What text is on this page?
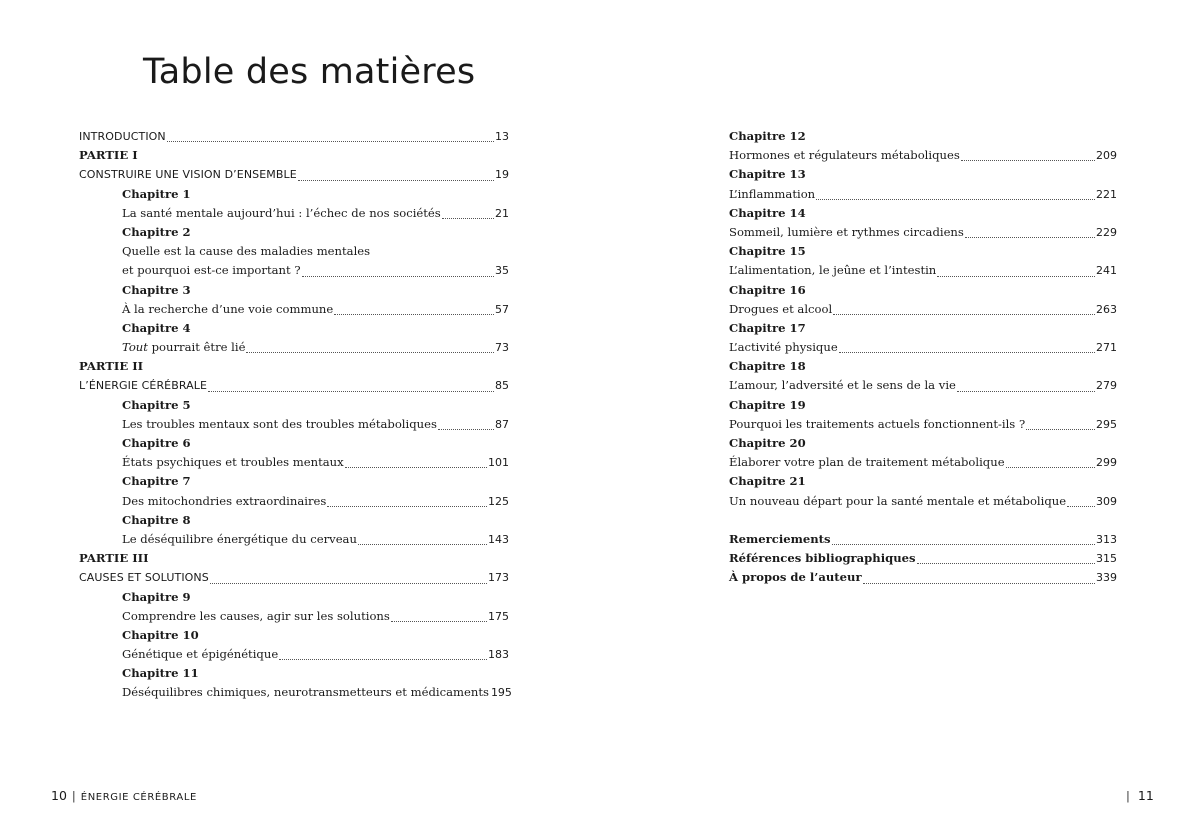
Table des matières
INTRODUCTION	13
PARTIE I
CONSTRUIRE UNE VISION D’ENSEMBLE	19
Chapitre 1
La santé mentale aujourd’hui : l’échec de nos sociétés	21
Chapitre 2
Quelle est la cause des maladies mentales
et pourquoi est-ce important ?	35
Chapitre 3
À la recherche d’une voie commune	57
Chapitre 4
Tout pourrait être lié	73
PARTIE II
L’ÉNERGIE CÉRÉBRALE	85
Chapitre 5
Les troubles mentaux sont des troubles métaboliques	87
Chapitre 6
États psychiques et troubles mentaux	101
Chapitre 7
Des mitochondries extraordinaires	125
Chapitre 8
Le déséquilibre énergétique du cerveau	143
PARTIE III
CAUSES ET SOLUTIONS	173
Chapitre 9
Comprendre les causes, agir sur les solutions	175
Chapitre 10
Génétique et épigénétique	183
Chapitre 11
Déséquilibres chimiques, neurotransmetteurs et médicaments 195
Chapitre 12
Hormones et régulateurs métaboliques	209
Chapitre 13
L’inflammation	221
Chapitre 14
Sommeil, lumière et rythmes circadiens	229
Chapitre 15
L’alimentation, le jeûne et l’intestin	241
Chapitre 16
Drogues et alcool	263
Chapitre 17
L’activité physique	271
Chapitre 18
L’amour, l’adversité et le sens de la vie	279
Chapitre 19
Pourquoi les traitements actuels fonctionnent-ils ?	295
Chapitre 20
Élaborer votre plan de traitement métabolique	299
Chapitre 21
Un nouveau départ pour la santé mentale et métabolique	309
Remerciements	313
Références bibliographiques	315
À propos de l’auteur	339
10 | ÉNERGIE CÉRÉBRALE	| 11
